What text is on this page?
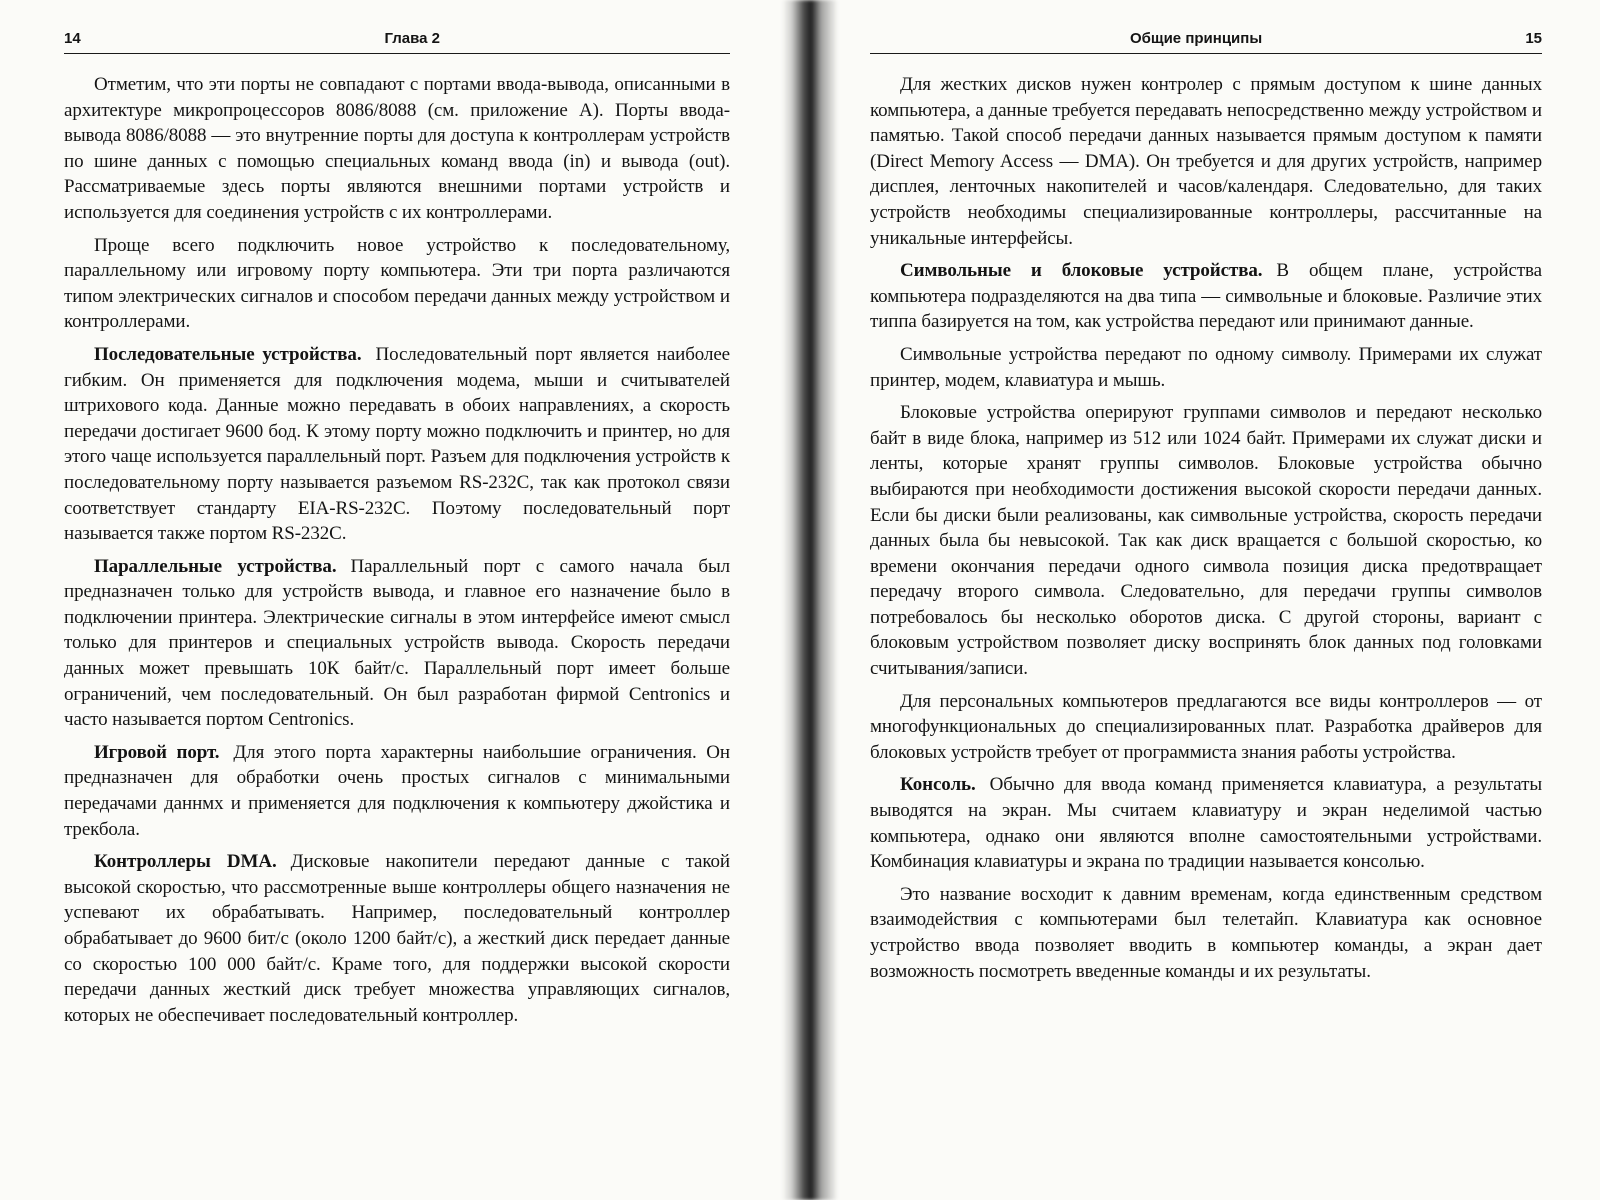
14	Глава 2

Отметим, что эти порты не совпадают с портами ввода-вывода, описанными в архитектуре микропроцессоров 8086/8088 (см. приложение А). Порты ввода-вывода 8086/8088 — это внутренние порты для доступа к контроллерам устройств по шине данных с помощью специальных команд ввода (in) и вывода (out). Рассматриваемые здесь порты являются внешними портами устройств и используется для соединения устройств с их контроллерами.

Проще всего подключить новое устройство к последовательному, параллельному или игровому порту компьютера. Эти три порта различаются типом электрических сигналов и способом передачи данных между устройством и контроллерами.

Последовательные устройства. Последовательный порт является наиболее гибким. Он применяется для подключения модема, мыши и считывателей штрихового кода. Данные можно передавать в обоих направлениях, а скорость передачи достигает 9600 бод. К этому порту можно подключить и принтер, но для этого чаще используется параллельный порт. Разъем для подключения устройств к последовательному порту называется разъемом RS-232С, так как протокол связи соответствует стандарту EIA-RS-232C. Поэтому последовательный порт называется также портом RS-232C.

Параллельные устройства. Параллельный порт с самого начала был предназначен только для устройств вывода, и главное его назначение было в подключении принтера. Электрические сигналы в этом интерфейсе имеют смысл только для принтеров и специальных устройств вывода. Скорость передачи данных может превышать 10К байт/с. Параллельный порт имеет больше ограничений, чем последовательный. Он был разработан фирмой Centronics и часто называется портом Centronics.

Игровой порт. Для этого порта характерны наибольшие ограничения. Он предназначен для обработки очень простых сигналов с минимальными передачами даннмх и применяется для подключения к компьютеру джойстика и трекбола.

Контроллеры DMA. Дисковые накопители передают данные с такой высокой скоростью, что рассмотренные выше контроллеры общего назначения не успевают их обрабатывать. Например, последовательный контроллер обрабатывает до 9600 бит/с (около 1200 байт/с), а жесткий диск передает данные со скоростью 100 000 байт/с. Краме того, для поддержки высокой скорости передачи данных жесткий диск требует множества управляющих сигналов, которых не обеспечивает последовательный контроллер.

Общие принципы	15

Для жестких дисков нужен контролер с прямым доступом к шине данных компьютера, а данные требуется передавать непосредственно между устройством и памятью. Такой способ передачи данных называется прямым доступом к памяти (Direct Memory Access — DMA). Он требуется и для других устройств, например дисплея, ленточных накопителей и часов/календаря. Следовательно, для таких устройств необходимы специализированные контроллеры, рассчитанные на уникальные интерфейсы.

Символьные и блоковые устройства. В общем плане, устройства компьютера подразделяются на два типа — символьные и блоковые. Различие этих типпа базируется на том, как устройства передают или принимают данные.

Символьные устройства передают по одному символу. Примерами их служат принтер, модем, клавиатура и мышь.

Блоковые устройства оперируют группами символов и передают несколько байт в виде блока, например из 512 или 1024 байт. Примерами их служат диски и ленты, которые хранят группы символов. Блоковые устройства обычно выбираются при необходимости достижения высокой скорости передачи данных. Если бы диски были реализованы, как символьные устройства, скорость передачи данных была бы невысокой. Так как диск вращается с большой скоростью, ко времени окончания передачи одного символа позиция диска предотвращает передачу второго символа. Следовательно, для передачи группы символов потребовалось бы несколько оборотов диска. С другой стороны, вариант с блоковым устройством позволяет диску воспринять блок данных под головками считывания/записи.

Для персональных компьютеров предлагаются все виды контроллеров — от многофункциональных до специализированных плат. Разработка драйверов для блоковых устройств требует от программиста знания работы устройства.

Консоль. Обычно для ввода команд применяется клавиатура, а результаты выводятся на экран. Мы считаем клавиатуру и экран неделимой частью компьютера, однако они являются вполне самостоятельными устройствами. Комбинация клавиатуры и экрана по традиции называется консолью.

Это название восходит к давним временам, когда единственным средством взаимодействия с компьютерами был телетайп. Клавиатура как основное устройство ввода позволяет вводить в компьютер команды, а экран дает возможность посмотреть введенные команды и их результаты.
